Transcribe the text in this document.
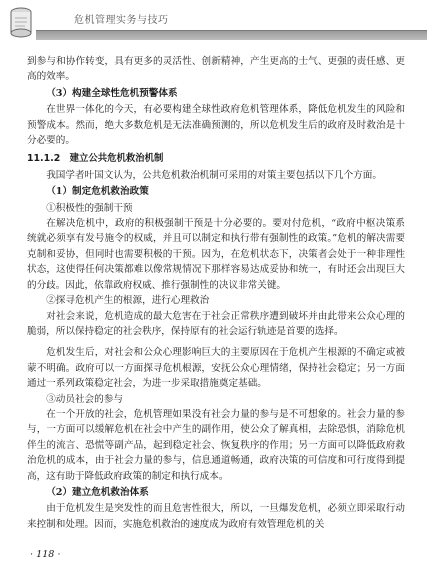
危机管理实务与技巧

到参与和协作转变，具有更多的灵活性、创新精神，产生更高的士气、更强的责任感、更高的效率。

（3）构建全球性危机预警体系

在世界一体化的今天，有必要构建全球性政府危机管理体系，降低危机发生的风险和预警成本。然而，绝大多数危机是无法准确预测的，所以危机发生后的政府及时救治是十分必要的。

11.1.2　建立公共危机救治机制

我国学者叶国文认为，公共危机救治机制可采用的对策主要包括以下几个方面。

（1）制定危机救治政策

①积极性的强制干预

在解决危机中，政府的积极强制干预是十分必要的。要对付危机，“政府中枢决策系统就必须享有发号施令的权威，并且可以制定和执行带有强制性的政策。”危机的解决需要克制和妥协，但同时也需要积极的干预。因为，在危机状态下，决策者会处于一种非理性状态，这使得任何决策都难以像常规情况下那样容易达成妥协和统一，有时还会出现巨大的分歧。因此，依靠政府权威、推行强制性的决议非常关键。

②探寻危机产生的根源，进行心理救治

对社会来说，危机造成的最大危害在于社会正常秩序遭到破坏并由此带来公众心理的脆弱，所以保持稳定的社会秩序，保持原有的社会运行轨迹是首要的选择。

危机发生后，对社会和公众心理影响巨大的主要原因在于危机产生根源的不确定或被蒙不明确。政府可以一方面探寻危机根源，安抚公众心理情绪，保持社会稳定；另一方面通过一系列政策稳定社会，为进一步采取措施奠定基础。

③动员社会的参与

在一个开放的社会，危机管理如果没有社会力量的参与是不可想象的。社会力量的参与，一方面可以缓解危机在社会中产生的副作用，使公众了解真相，去除恐惧，消除危机伴生的流言、恐慌等副产品，起到稳定社会、恢复秩序的作用；另一方面可以降低政府救治危机的成本，由于社会力量的参与，信息通道畅通，政府决策的可信度和可行度得到提高，这有助于降低政府政策的制定和执行成本。

（2）建立危机救治体系

由于危机发生是突发性的而且危害性很大，所以，一旦爆发危机，必须立即采取行动来控制和处理。因而，实施危机救治的速度成为政府有效管理危机的关

· 118 ·
